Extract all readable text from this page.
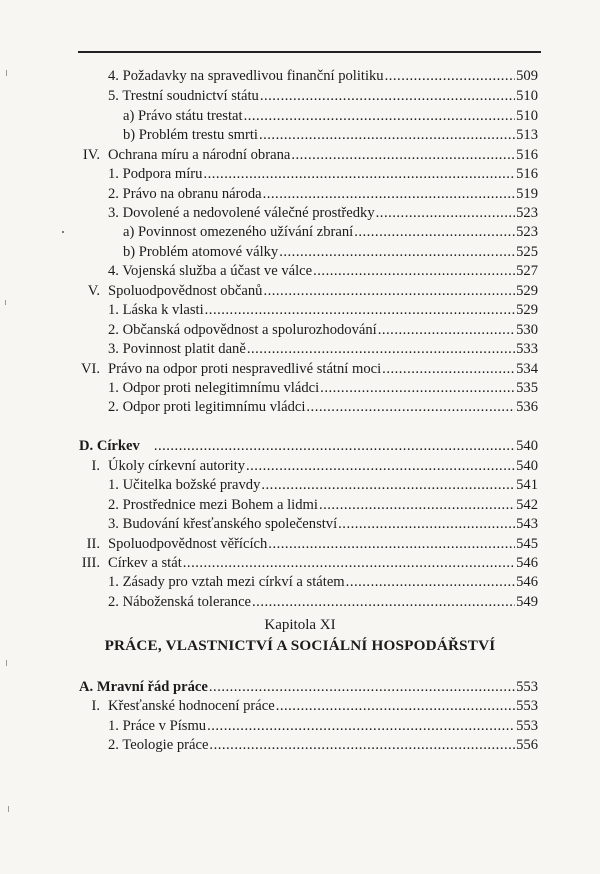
4. Požadavky na spravedlivou finanční politiku .....	509
5. Trestní soudnictví státu .....	510
a) Právo státu trestat .....	510
b) Problém trestu smrti .....	513
IV. Ochrana míru a národní obrana .....	516
1. Podpora míru .....	516
2. Právo na obranu národa .....	519
3. Dovolené a nedovolené válečné prostředky .....	523
a) Povinnost omezeného užívání zbraní .....	523
b) Problém atomové války .....	525
4. Vojenská služba a účast ve válce .....	527
V. Spoluodpovědnost občanů .....	529
1. Láska k vlasti .....	529
2. Občanská odpovědnost a spolurozhodování .....	530
3. Povinnost platit daně .....	533
VI. Právo na odpor proti nespravedlivé státní moci .....	534
1. Odpor proti nelegitimnímu vládci .....	535
2. Odpor proti legitimnímu vládci .....	536
D. Církev .....	540
I. Úkoly církevní autority .....	540
1. Učitelka božské pravdy .....	541
2. Prostřednice mezi Bohem a lidmi .....	542
3. Budování křesťanského společenství .....	543
II. Spoluodpovědnost věřících .....	545
III. Církev a stát .....	546
1. Zásady pro vztah mezi církví a státem .....	546
2. Náboženská tolerance .....	549
Kapitola XI
PRÁCE, VLASTNICTVÍ A SOCIÁLNÍ HOSPODÁŘSTVÍ
A. Mravní řád práce .....	553
I. Křesťanské hodnocení práce .....	553
1. Práce v Písmu .....	553
2. Teologie práce .....	556
